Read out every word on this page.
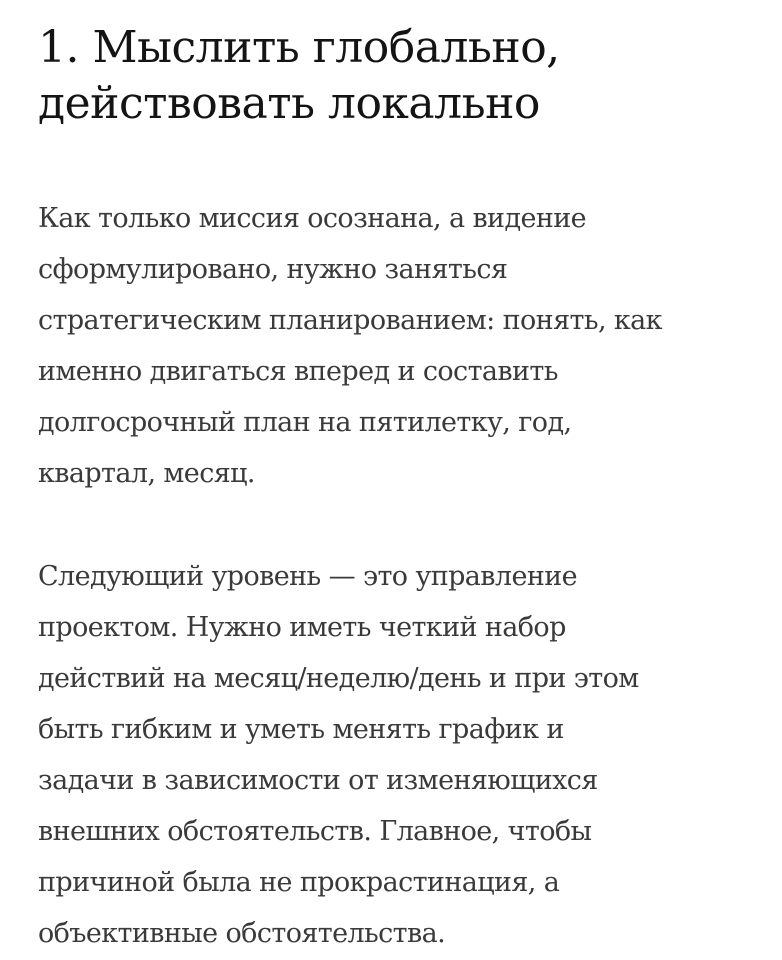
1. Мыслить глобально,
действовать локально

Как только миссия осознана, а видение
сформулировано, нужно заняться
стратегическим планированием: понять, как
именно двигаться вперед и составить
долгосрочный план на пятилетку, год,
квартал, месяц.

Следующий уровень — это управление
проектом. Нужно иметь четкий набор
действий на месяц/неделю/день и при этом
быть гибким и уметь менять график и
задачи в зависимости от изменяющихся
внешних обстоятельств. Главное, чтобы
причиной была не прокрастинация, а
объективные обстоятельства.
